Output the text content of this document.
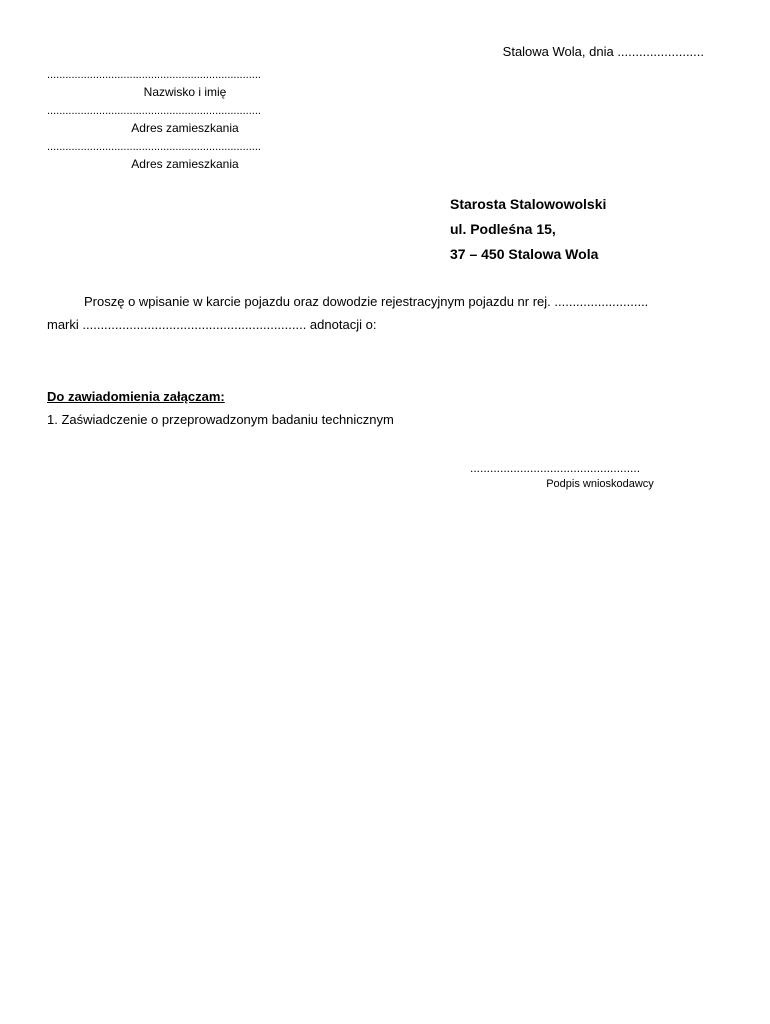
Stalowa Wola, dnia ........................
......................................................................
Nazwisko i imię
......................................................................
Adres zamieszkania
......................................................................
Adres zamieszkania
Starosta Stalowowolski
ul. Podleśna 15,
37 – 450 Stalowa Wola
Proszę o wpisanie w karcie pojazdu oraz dowodzie rejestracyjnym pojazdu nr rej. ..........................
marki .............................................................. adnotacji o:
Do zawiadomienia załączam:
1. Zaświadczenie o przeprowadzonym badaniu technicznym
...................................................
Podpis wnioskodawcy
